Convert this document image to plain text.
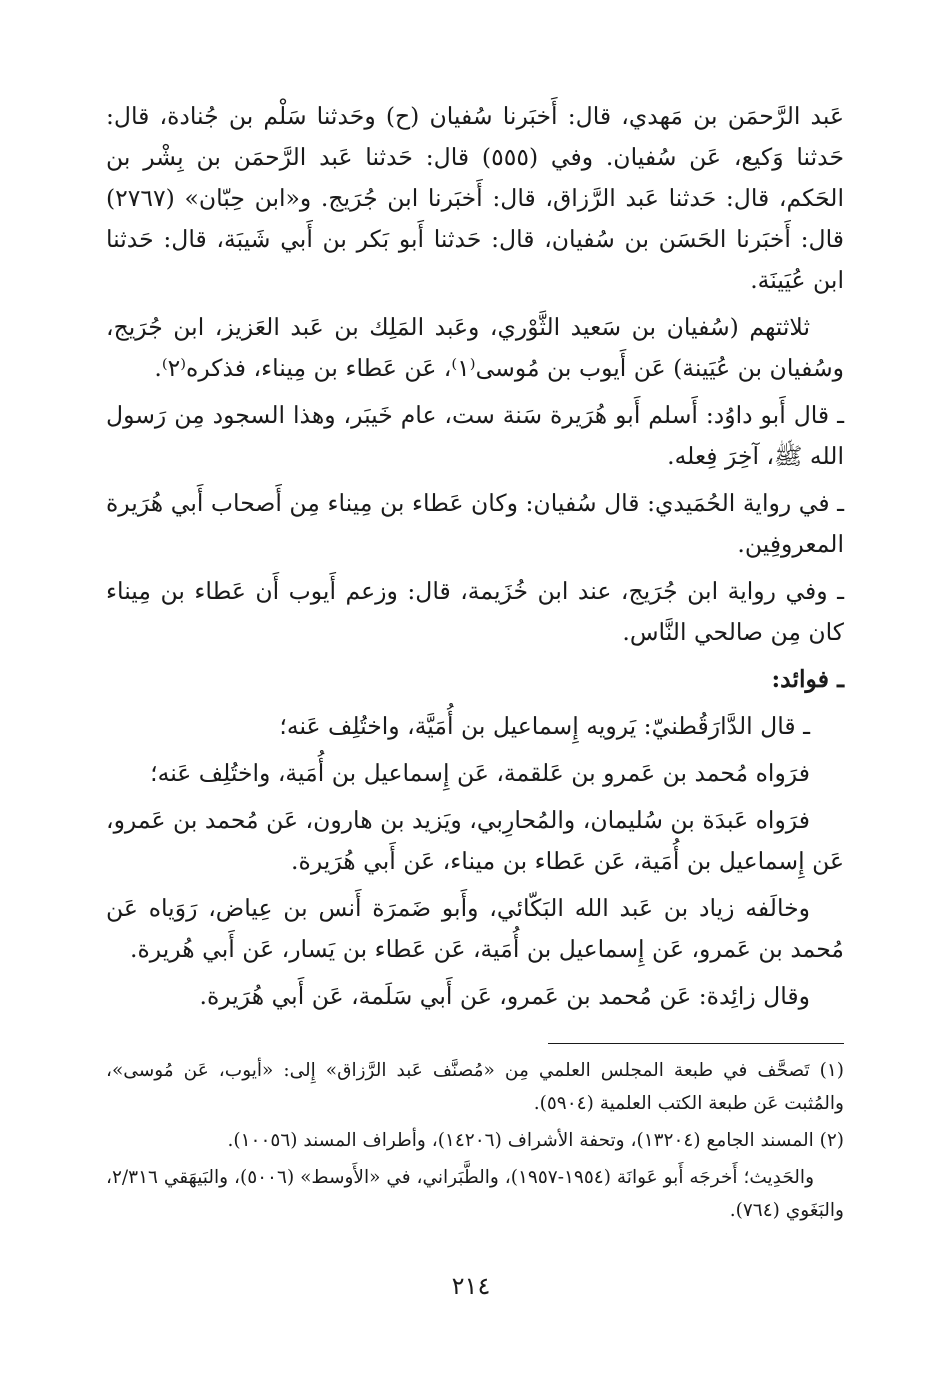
عَبد الرَّحمَن بن مَهدي، قال: أَخبَرنا سُفيان (ح) وحَدثنا سَلْم بن جُنادة، قال: حَدثنا وَكيع، عَن سُفيان. وفي (٥٥٥) قال: حَدثنا عَبد الرَّحمَن بن بِشْر بن الحَكم، قال: حَدثنا عَبد الرَّزاق، قال: أَخبَرنا ابن جُرَيج. و«ابن حِبّان» (٢٧٦٧) قال: أَخبَرنا الحَسَن بن سُفيان، قال: حَدثنا أَبو بَكر بن أَبي شَيبَة، قال: حَدثنا ابن عُيَينَة.

ثلاثتهم (سُفيان بن سَعيد الثَّوْري، وعَبد المَلِك بن عَبد العَزيز، ابن جُرَيج، وسُفيان بن عُيَينة) عَن أَيوب بن مُوسى⁽١⁾، عَن عَطاء بن مِيناء، فذكره⁽٢⁾.

ـ قال أَبو داوُد: أَسلم أَبو هُرَيرة سَنة ست، عام خَيبَر، وهذا السجود مِن رَسول الله ﷺ، آخِرَ فِعله.

ـ في رواية الحُمَيدي: قال سُفيان: وكان عَطاء بن مِيناء مِن أَصحاب أَبي هُرَيرة المعروفِين.

ـ وفي رواية ابن جُرَيج، عند ابن خُزَيمة، قال: وزعم أَيوب أَن عَطاء بن مِيناء كان مِن صالحي النَّاس.

ـ فوائد:

ـ قال الدَّارَقُطنيّ: يَرويه إِسماعيل بن أُمَيَّة، واختُلِف عَنه؛

فرَواه مُحمد بن عَمرو بن عَلقمة، عَن إِسماعيل بن أُمَية، واختُلِف عَنه؛

فرَواه عَبدَة بن سُليمان، والمُحارِبي، ويَزيد بن هارون، عَن مُحمد بن عَمرو، عَن إِسماعيل بن أُمَية، عَن عَطاء بن ميناء، عَن أَبي هُرَيرة.

وخالَفه زياد بن عَبد الله البَكّائي، وأَبو ضَمرَة أَنس بن عِياض، رَوَياه عَن مُحمد بن عَمرو، عَن إِسماعيل بن أُمَية، عَن عَطاء بن يَسار، عَن أَبي هُريرة.

وقال زائِدة: عَن مُحمد بن عَمرو، عَن أَبي سَلَمة، عَن أَبي هُرَيرة.

(١) تَصحَّف في طبعة المجلس العلمي مِن «مُصنَّف عَبد الرَّزاق» إِلى: «أيوب، عَن مُوسى»، والمُثبت عَن طبعة الكتب العلمية (٥٩٠٤).

(٢) المسند الجامع (١٣٢٠٤)، وتحفة الأشراف (١٤٢٠٦)، وأطراف المسند (١٠٠٥٦).

والحَدِيث؛ أَخرجَه أَبو عَوانَة (١٩٥٤-١٩٥٧)، والطَّبَراني، في «الأَوسط» (٥٠٠٦)، والبَيهَقي ٢/٣١٦، والبَغَوي (٧٦٤).

٢١٤
